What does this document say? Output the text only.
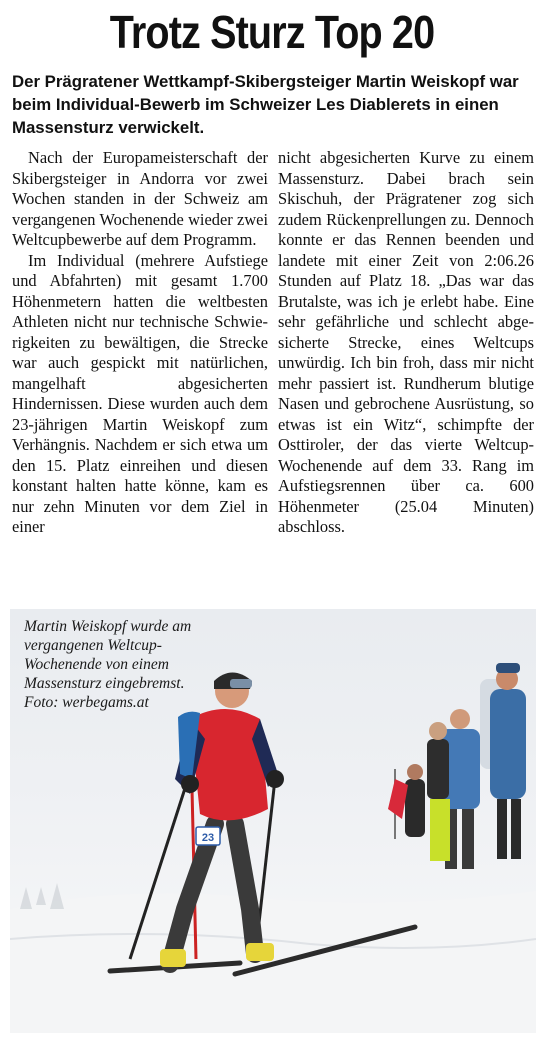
Trotz Sturz Top 20
Der Prägratener Wettkampf-Skibergsteiger Martin Weiskopf war beim Individual-Bewerb im Schweizer Les Diablerets in einen Massensturz verwickelt.

Nach der Europameisterschaft der Skibergsteiger in Andorra vor zwei Wochen standen in der Schweiz am vergangenen Wochenende wieder zwei Weltcupbewerbe auf dem Programm.

Im Individual (mehrere Aufstiege und Abfahrten) mit gesamt 1.700 Höhenmetern hatten die weltbesten Athleten nicht nur technische Schwierigkeiten zu bewältigen, die Strecke war auch gespickt mit natürlichen, mangelhaft abgesicherten Hindernissen. Diese wurden auch dem 23-jährigen Martin Weiskopf zum Verhängnis. Nachdem er sich etwa um den 15. Platz einreihen und diesen konstant halten hatte könne, kam es nur zehn Minuten vor dem Ziel in einer

nicht abgesicherten Kurve zu einem Massensturz. Dabei brach sein Skischuh, der Prägratener zog sich zudem Rückenprellungen zu. Dennoch konnte er das Rennen beenden und landete mit einer Zeit von 2:06.26 Stunden auf Platz 18. „Das war das Brutalste, was ich je erlebt habe. Eine sehr gefährliche und schlecht abgesicherte Strecke, eines Weltcups unwürdig. Ich bin froh, dass mir nicht mehr passiert ist. Rundherum blutige Nasen und gebrochene Ausrüstung, so etwas ist ein Witz“, schimpfte der Osttiroler, der das vierte Weltcup-Wochenende auf dem 33. Rang im Aufstiegsrennen über ca. 600 Höhenmeter (25.04 Minuten) abschloss.

23
Martin Weiskopf wurde am vergangenen Weltcup-Wochenende von einem Massensturz eingebremst. Foto: werbegams.at
